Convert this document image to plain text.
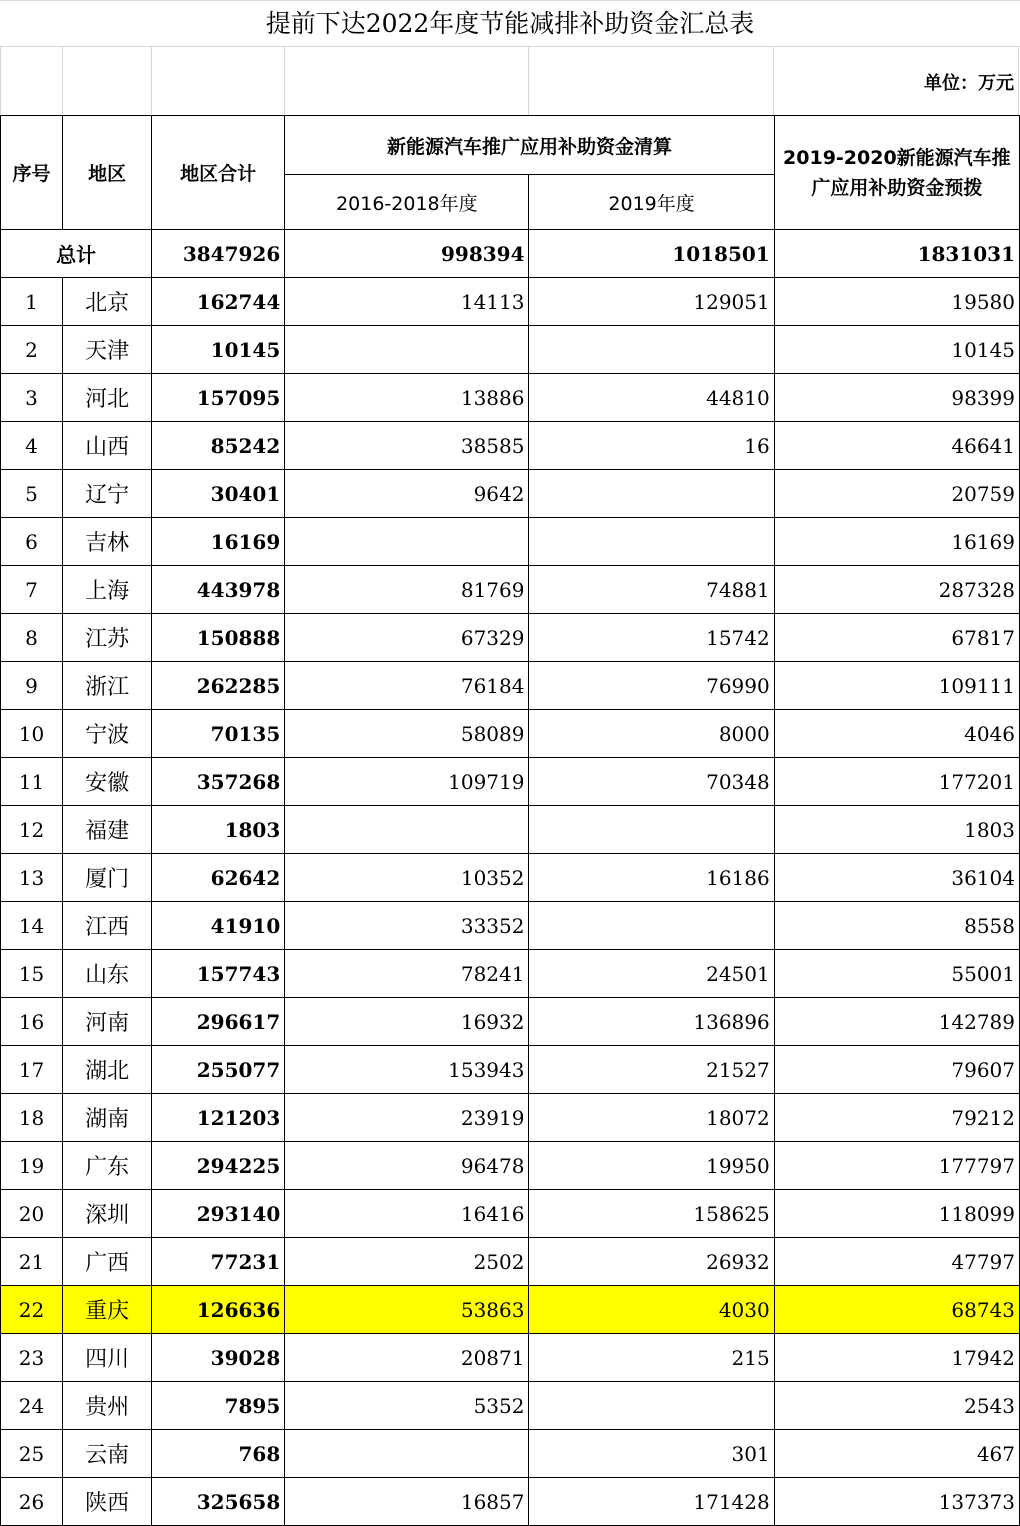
提前下达2022年度节能减排补助资金汇总表
单位：万元
序号	地区	地区合计	新能源汽车推广应用补助资金清算		2019-2020新能源汽车推广应用补助资金预拨
			2016-2018年度	2019年度	
总计		3847926	998394	1018501	1831031
1	北京	162744	14113	129051	19580
2	天津	10145			10145
3	河北	157095	13886	44810	98399
4	山西	85242	38585	16	46641
5	辽宁	30401	9642		20759
6	吉林	16169			16169
7	上海	443978	81769	74881	287328
8	江苏	150888	67329	15742	67817
9	浙江	262285	76184	76990	109111
10	宁波	70135	58089	8000	4046
11	安徽	357268	109719	70348	177201
12	福建	1803			1803
13	厦门	62642	10352	16186	36104
14	江西	41910	33352		8558
15	山东	157743	78241	24501	55001
16	河南	296617	16932	136896	142789
17	湖北	255077	153943	21527	79607
18	湖南	121203	23919	18072	79212
19	广东	294225	96478	19950	177797
20	深圳	293140	16416	158625	118099
21	广西	77231	2502	26932	47797
22	重庆	126636	53863	4030	68743
23	四川	39028	20871	215	17942
24	贵州	7895	5352		2543
25	云南	768		301	467
26	陕西	325658	16857	171428	137373
